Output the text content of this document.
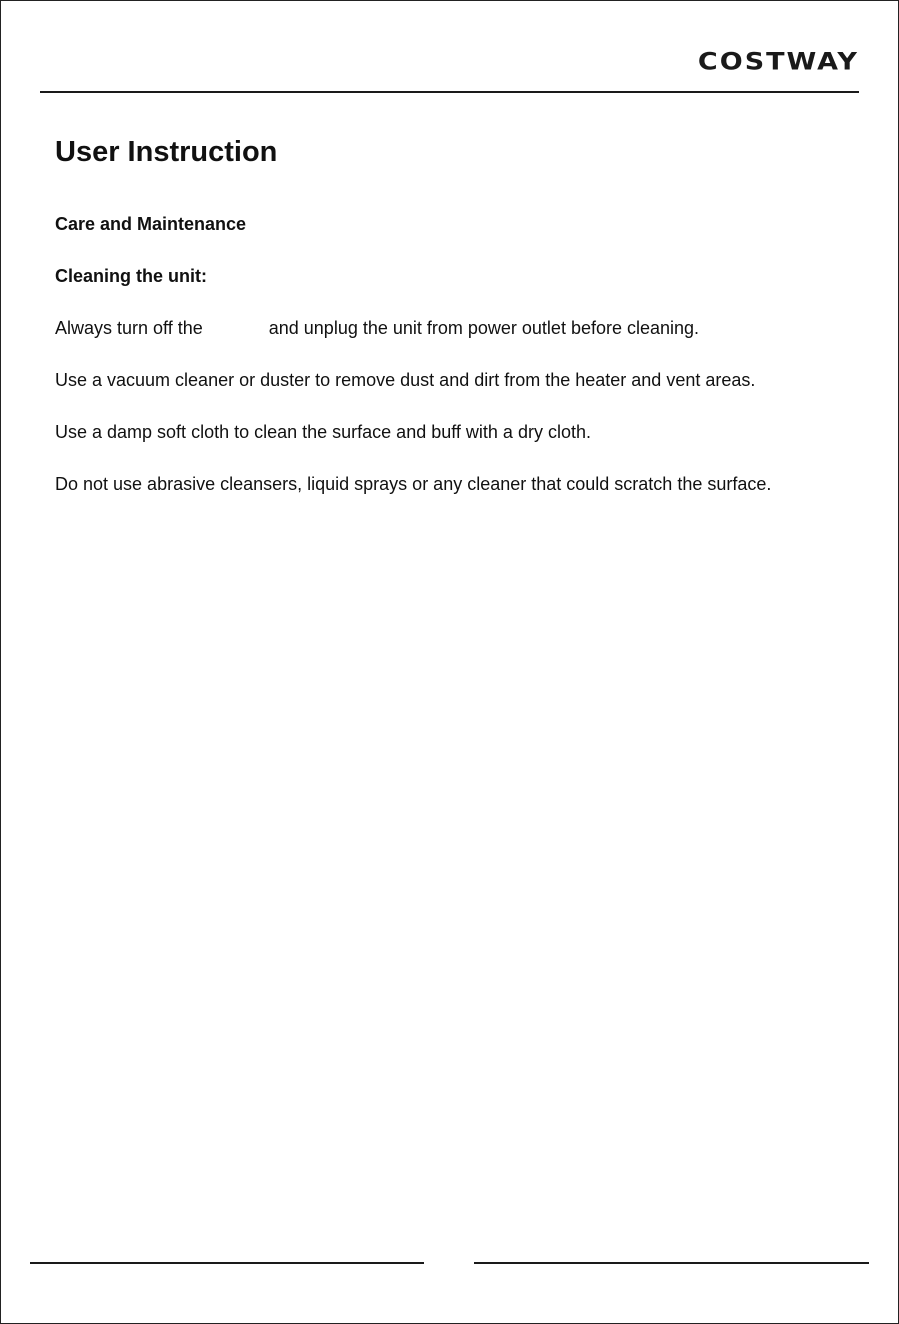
COSTWAY
User Instruction
Care and Maintenance
Cleaning the unit:

Always turn off the	and unplug the unit from power outlet before cleaning.

Use a vacuum cleaner or duster to remove dust and dirt from the heater and vent areas.

Use a damp soft cloth to clean the surface and buff with a dry cloth.

Do not use abrasive cleansers, liquid sprays or any cleaner that could scratch the surface.
